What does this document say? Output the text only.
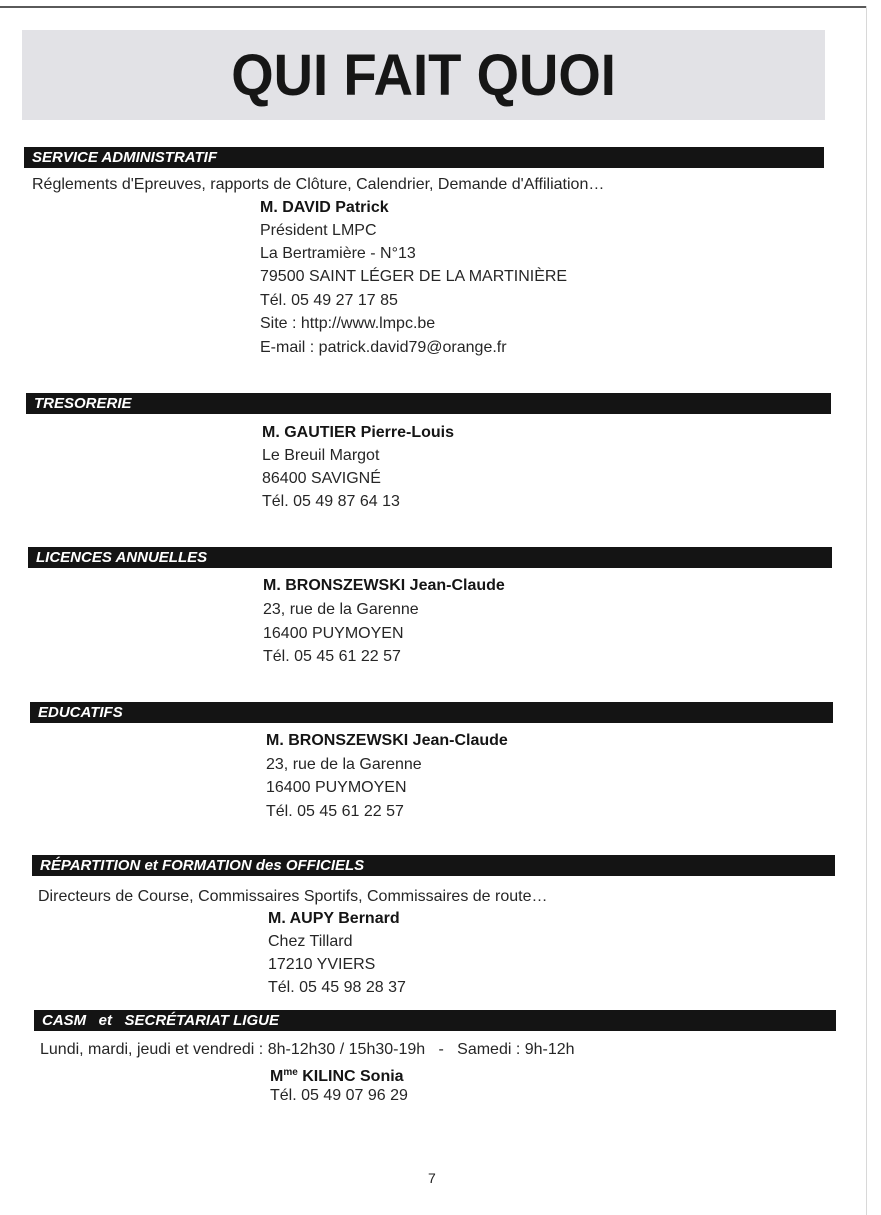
QUI FAIT QUOI
SERVICE ADMINISTRATIF
Réglements d'Epreuves, rapports de Clôture, Calendrier, Demande d'Affiliation…
M. DAVID Patrick
Président LMPC
La Bertramière - N°13
79500 SAINT LÉGER DE LA MARTINIÈRE
Tél. 05 49 27 17 85
Site : http://www.lmpc.be
E-mail : patrick.david79@orange.fr
TRESORERIE
M. GAUTIER Pierre-Louis
Le Breuil Margot
86400 SAVIGNÉ
Tél. 05 49 87 64 13
LICENCES ANNUELLES
M. BRONSZEWSKI Jean-Claude
23, rue de la Garenne
16400 PUYMOYEN
Tél. 05 45 61 22 57
EDUCATIFS
M. BRONSZEWSKI Jean-Claude
23, rue de la Garenne
16400 PUYMOYEN
Tél. 05 45 61 22 57
RÉPARTITION et FORMATION des OFFICIELS
Directeurs de Course, Commissaires Sportifs, Commissaires de route…
M. AUPY Bernard
Chez Tillard
17210 YVIERS
Tél. 05 45 98 28 37
CASM   et   SECRÉTARIAT LIGUE
Lundi, mardi, jeudi et vendredi : 8h-12h30 / 15h30-19h   -   Samedi : 9h-12h
$M^{me}$ KILINC Sonia
Tél. 05 49 07 96 29
7
